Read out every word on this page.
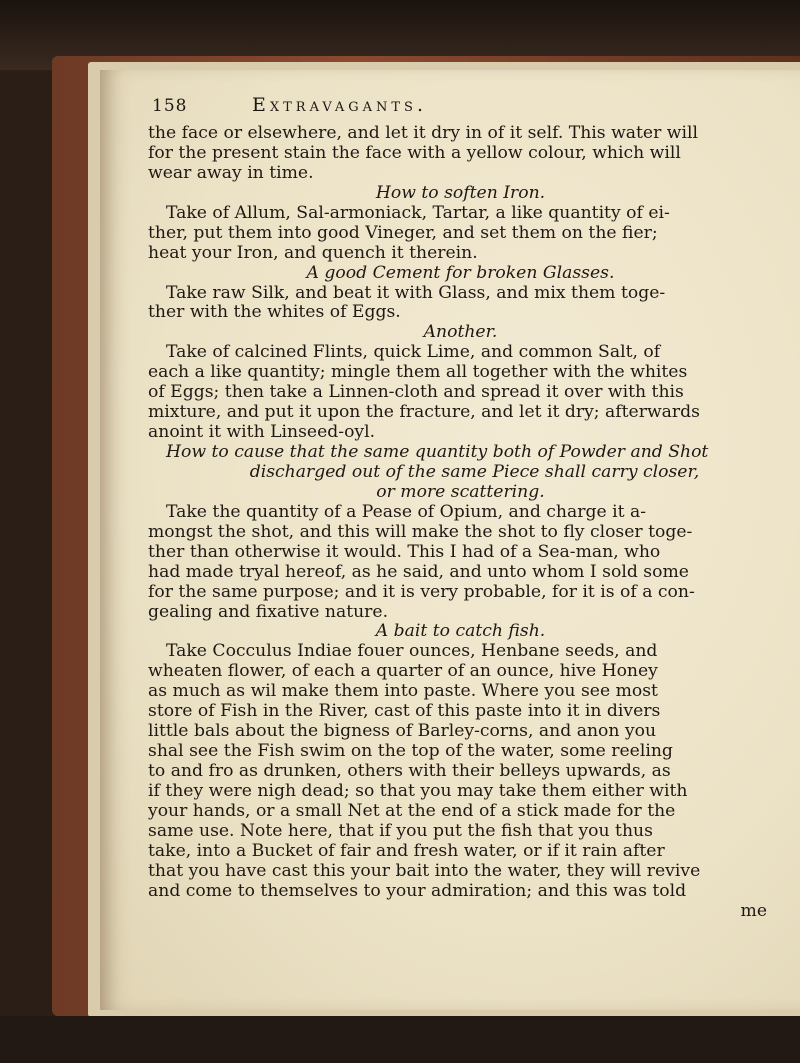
158	Extravagants.
the face or elsewhere, and let it dry in of it self. This water will
for the present stain the face with a yellow colour, which will
wear away in time.
How to soften Iron.
Take of Allum, Sal-armoniack, Tartar, a like quantity of ei-
ther, put them into good Vineger, and set them on the fier;
heat your Iron, and quench it therein.
A good Cement for broken Glasses.
Take raw Silk, and beat it with Glass, and mix them toge-
ther with the whites of Eggs.
Another.
Take of calcined Flints, quick Lime, and common Salt, of
each a like quantity; mingle them all together with the whites
of Eggs; then take a Linnen-cloth and spread it over with this
mixture, and put it upon the fracture, and let it dry; afterwards
anoint it with Linseed-oyl.
How to cause that the same quantity both of Powder and Shot
discharged out of the same Piece shall carry closer,
or more scattering.
Take the quantity of a Pease of Opium, and charge it a-
mongst the shot, and this will make the shot to fly closer toge-
ther than otherwise it would. This I had of a Sea-man, who
had made tryal hereof, as he said, and unto whom I sold some
for the same purpose; and it is very probable, for it is of a con-
gealing and fixative nature.
A bait to catch fish.
Take Cocculus Indiae fouer ounces, Henbane seeds, and
wheaten flower, of each a quarter of an ounce, hive Honey
as much as wil make them into paste. Where you see most
store of Fish in the River, cast of this paste into it in divers
little bals about the bigness of Barley-corns, and anon you
shal see the Fish swim on the top of the water, some reeling
to and fro as drunken, others with their belleys upwards, as
if they were nigh dead; so that you may take them either with
your hands, or a small Net at the end of a stick made for the
same use. Note here, that if you put the fish that you thus
take, into a Bucket of fair and fresh water, or if it rain after
that you have cast this your bait into the water, they will revive
and come to themselves to your admiration; and this was told
me
